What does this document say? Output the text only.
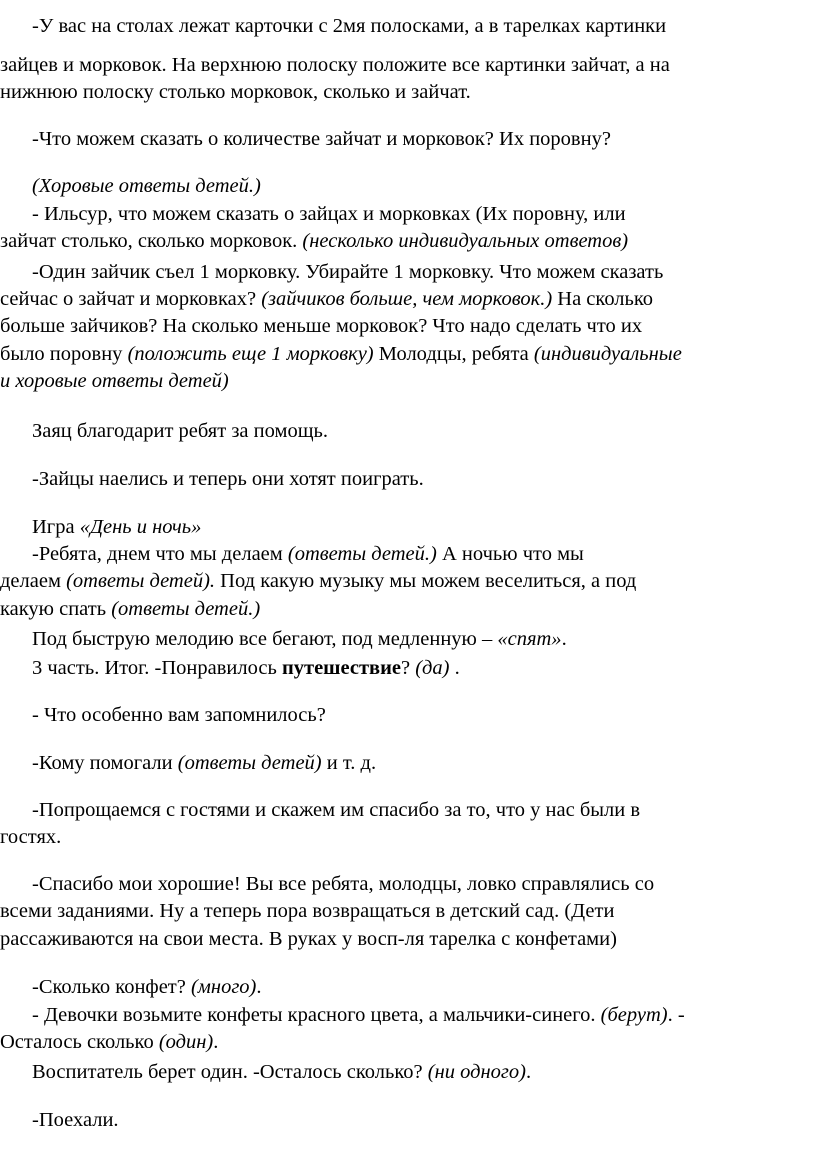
-У вас на столах лежат карточки с 2мя полосками, а в тарелках картинки
зайцев и морковок. На верхнюю полоску положите все картинки зайчат, а на
нижнюю полоску столько морковок, сколько и зайчат.
-Что можем сказать о количестве зайчат и морковок? Их поровну?
(Хоровые ответы детей.)
- Ильсур, что можем сказать о зайцах и морковках (Их поровну, или
зайчат столько, сколько морковок. (несколько индивидуальных ответов)
-Один зайчик съел 1 морковку. Убирайте 1 морковку. Что можем сказать
сейчас о зайчат и морковках? (зайчиков больше, чем морковок.) На сколько
больше зайчиков? На сколько меньше морковок? Что надо сделать что их
было поровну (положить еще 1 морковку) Молодцы, ребята (индивидуальные
и хоровые ответы детей)
Заяц благодарит ребят за помощь.
-Зайцы наелись и теперь они хотят поиграть.
Игра «День и ночь»
-Ребята, днем что мы делаем (ответы детей.) А ночью что мы
делаем (ответы детей). Под какую музыку мы можем веселиться, а под
какую спать (ответы детей.)
Под быструю мелодию все бегают, под медленную – «спят».
3 часть. Итог. -Понравилось путешествие? (да) .
- Что особенно вам запомнилось?
-Кому помогали (ответы детей) и т. д.
-Попрощаемся с гостями и скажем им спасибо за то, что у нас были в
гостях.
-Спасибо мои хорошие! Вы все ребята, молодцы, ловко справлялись со
всеми заданиями. Ну а теперь пора возвращаться в детский сад. (Дети
рассаживаются на свои места. В руках у восп-ля тарелка с конфетами)
-Сколько конфет? (много).
- Девочки возьмите конфеты красного цвета, а мальчики-синего. (берут). -
Осталось сколько (один).
Воспитатель берет один. -Осталось сколько? (ни одного).
-Поехали.
